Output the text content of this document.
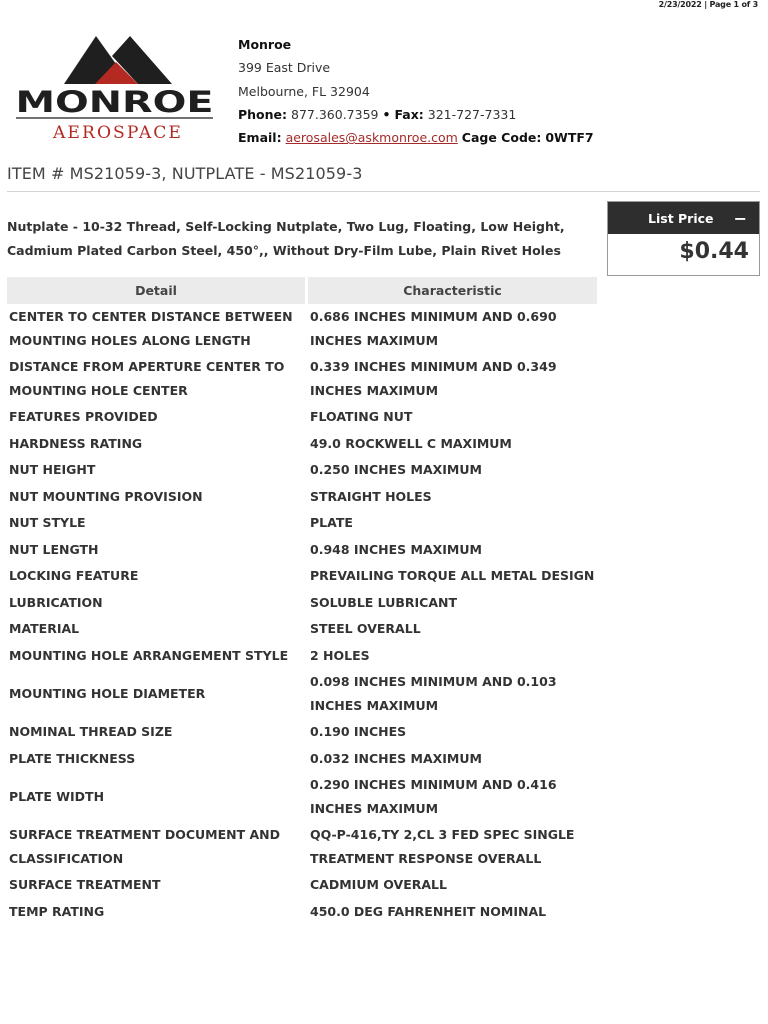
2/23/2022 | Page 1 of 3
MONROE
AEROSPACE
Monroe
399 East Drive
Melbourne, FL 32904
Phone: 877.360.7359 • Fax: 321-727-7331
Email: aerosales@askmonroe.com Cage Code: 0WTF7
ITEM # MS21059-3, NUTPLATE - MS21059-3
Nutplate - 10-32 Thread, Self-Locking Nutplate, Two Lug, Floating, Low Height, Cadmium Plated Carbon Steel, 450°,, Without Dry-Film Lube, Plain Rivet Holes
List Price −
$0.44
Detail	Characteristic
CENTER TO CENTER DISTANCE BETWEEN MOUNTING HOLES ALONG LENGTH	0.686 INCHES MINIMUM AND 0.690 INCHES MAXIMUM
DISTANCE FROM APERTURE CENTER TO MOUNTING HOLE CENTER	0.339 INCHES MINIMUM AND 0.349 INCHES MAXIMUM
FEATURES PROVIDED	FLOATING NUT
HARDNESS RATING	49.0 ROCKWELL C MAXIMUM
NUT HEIGHT	0.250 INCHES MAXIMUM
NUT MOUNTING PROVISION	STRAIGHT HOLES
NUT STYLE	PLATE
NUT LENGTH	0.948 INCHES MAXIMUM
LOCKING FEATURE	PREVAILING TORQUE ALL METAL DESIGN
LUBRICATION	SOLUBLE LUBRICANT
MATERIAL	STEEL OVERALL
MOUNTING HOLE ARRANGEMENT STYLE	2 HOLES
MOUNTING HOLE DIAMETER	0.098 INCHES MINIMUM AND 0.103 INCHES MAXIMUM
NOMINAL THREAD SIZE	0.190 INCHES
PLATE THICKNESS	0.032 INCHES MAXIMUM
PLATE WIDTH	0.290 INCHES MINIMUM AND 0.416 INCHES MAXIMUM
SURFACE TREATMENT DOCUMENT AND CLASSIFICATION	QQ-P-416,TY 2,CL 3 FED SPEC SINGLE TREATMENT RESPONSE OVERALL
SURFACE TREATMENT	CADMIUM OVERALL
TEMP RATING	450.0 DEG FAHRENHEIT NOMINAL
